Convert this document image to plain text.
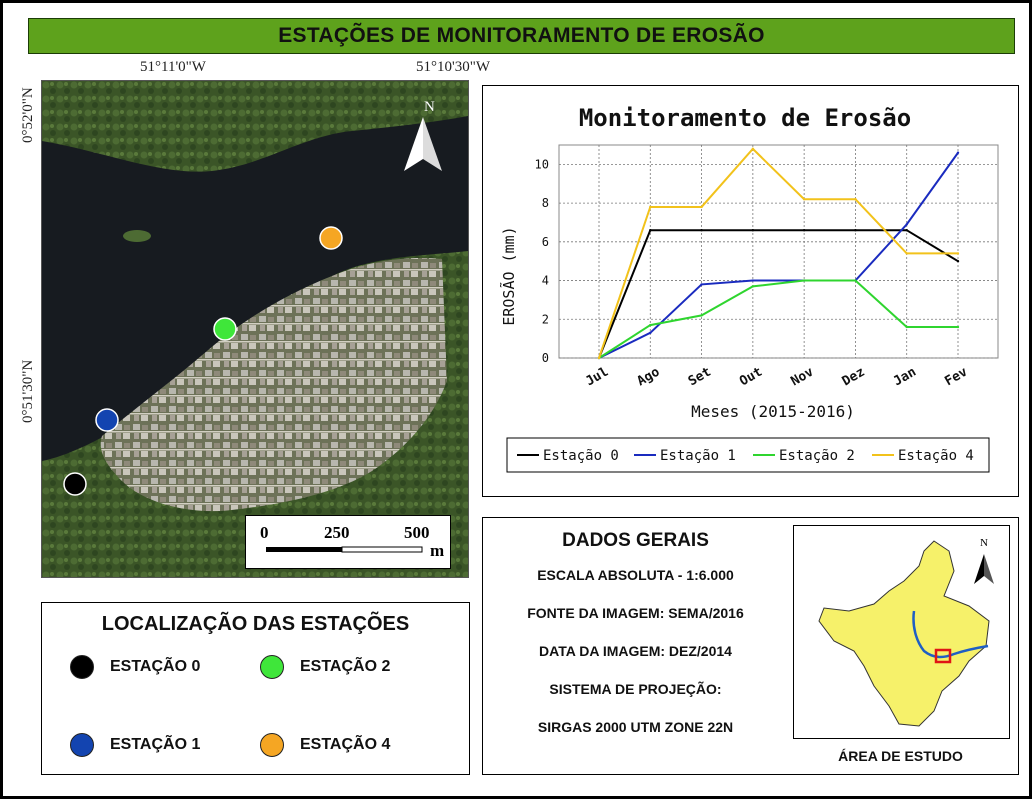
ESTAÇÕES DE MONITORAMENTO DE EROSÃO
51°11'0"W	51°10'30"W
0°52'0"N
0°51'30"N
N
0	250	500
m
Monitoramento de Erosão
EROSÃO (mm)
Meses (2015-2016)
0
2
4
6
8
10
Jul Ago Set Out Nov Dez Jan Fev
Estação 0	Estação 1	Estação 2	Estação 4
LOCALIZAÇÃO DAS ESTAÇÕES
ESTAÇÃO 0	ESTAÇÃO 2
ESTAÇÃO 1	ESTAÇÃO 4
DADOS GERAIS
ESCALA ABSOLUTA - 1:6.000
FONTE DA IMAGEM: SEMA/2016
DATA DA IMAGEM: DEZ/2014
SISTEMA DE PROJEÇÃO:
SIRGAS 2000 UTM ZONE 22N
N
ÁREA DE ESTUDO
